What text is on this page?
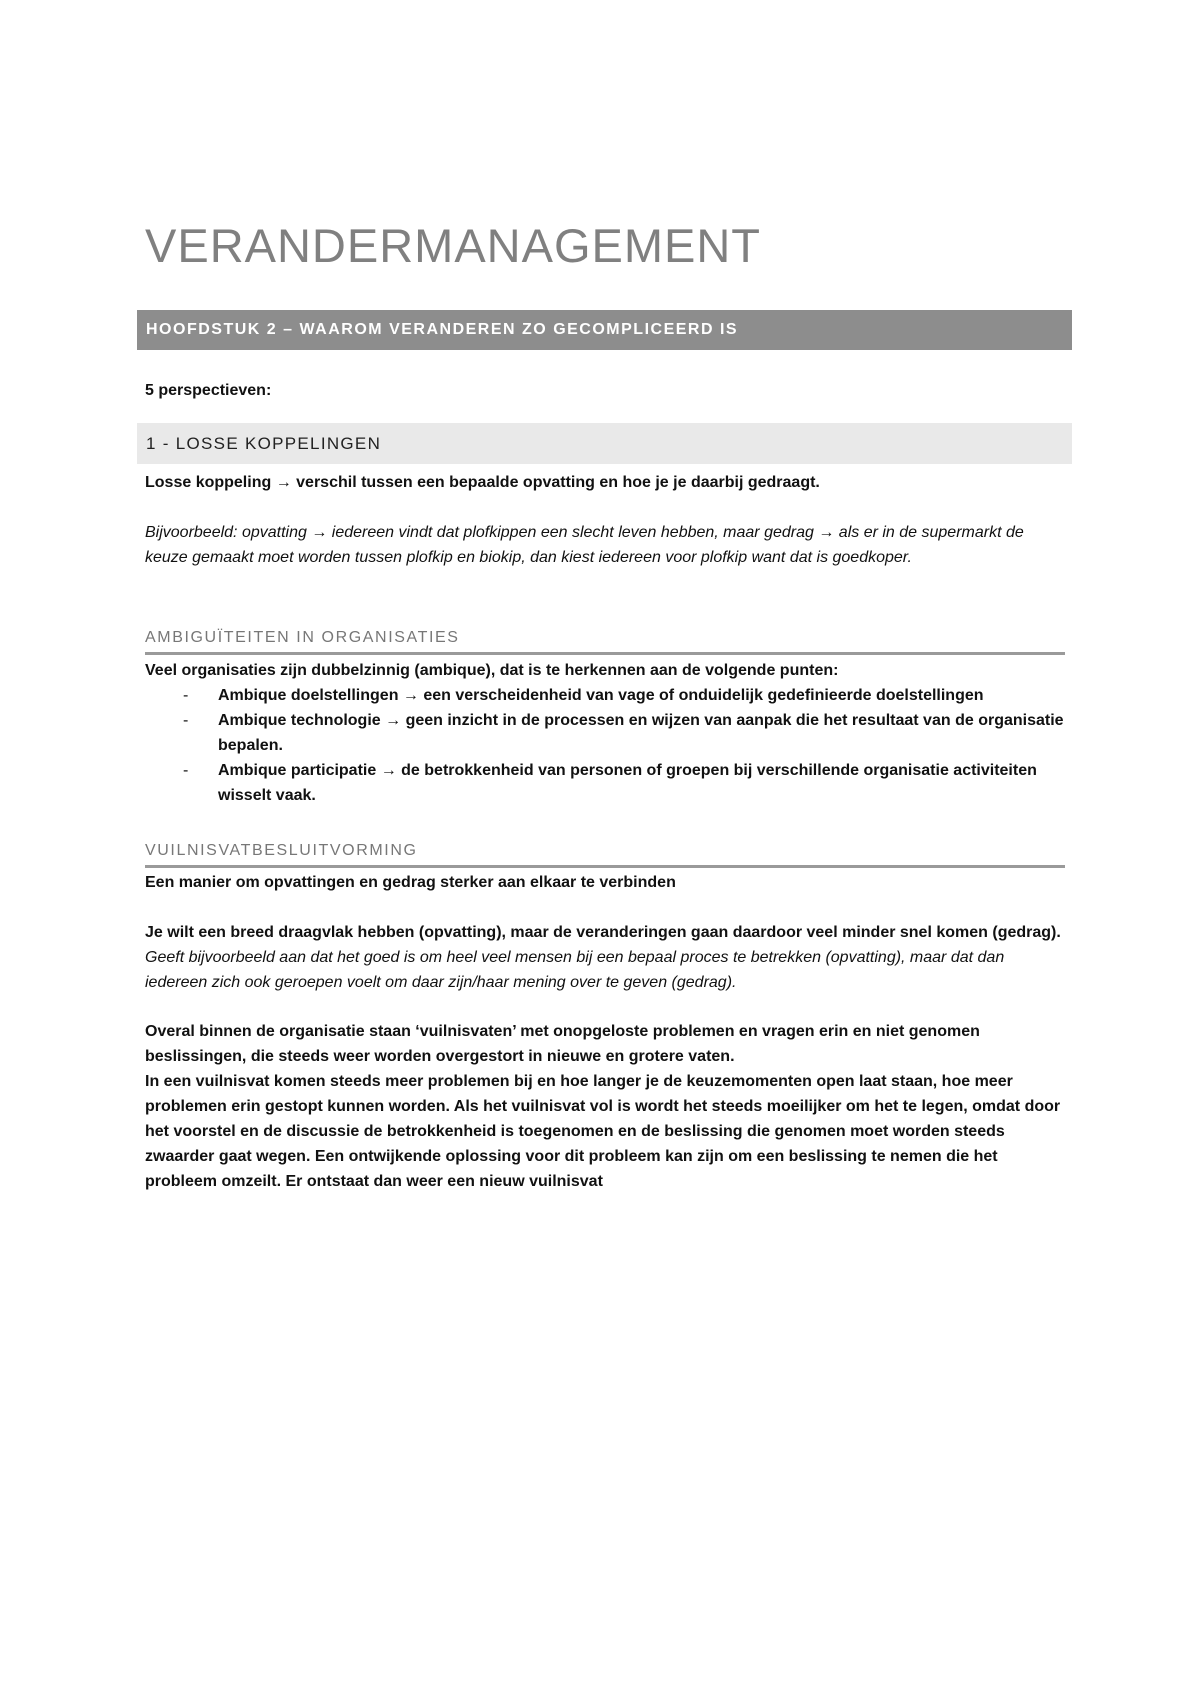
VERANDERMANAGEMENT
HOOFDSTUK 2 – WAAROM VERANDEREN ZO GECOMPLICEERD IS

5 perspectieven:

1 - LOSSE KOPPELINGEN

Losse koppeling → verschil tussen een bepaalde opvatting en hoe je je daarbij gedraagt.

Bijvoorbeeld: opvatting → iedereen vindt dat plofkippen een slecht leven hebben, maar gedrag → als er in de supermarkt de keuze gemaakt moet worden tussen plofkip en biokip, dan kiest iedereen voor plofkip want dat is goedkoper.

AMBIGUÏTEITEN IN ORGANISATIES

Veel organisaties zijn dubbelzinnig (ambique), dat is te herkennen aan de volgende punten:

- Ambique doelstellingen → een verscheidenheid van vage of onduidelijk gedefinieerde doelstellingen
- Ambique technologie → geen inzicht in de processen en wijzen van aanpak die het resultaat van de organisatie bepalen.
- Ambique participatie → de betrokkenheid van personen of groepen bij verschillende organisatie activiteiten wisselt vaak.
VUILNISVATBESLUITVORMING

Een manier om opvattingen en gedrag sterker aan elkaar te verbinden

Je wilt een breed draagvlak hebben (opvatting), maar de veranderingen gaan daardoor veel minder snel komen (gedrag). Geeft bijvoorbeeld aan dat het goed is om heel veel mensen bij een bepaal proces te betrekken (opvatting), maar dat dan iedereen zich ook geroepen voelt om daar zijn/haar mening over te geven (gedrag).

Overal binnen de organisatie staan ‘vuilnisvaten’ met onopgeloste problemen en vragen erin en niet genomen beslissingen, die steeds weer worden overgestort in nieuwe en grotere vaten.

In een vuilnisvat komen steeds meer problemen bij en hoe langer je de keuzemomenten open laat staan, hoe meer problemen erin gestopt kunnen worden. Als het vuilnisvat vol is wordt het steeds moeilijker om het te legen, omdat door het voorstel en de discussie de betrokkenheid is toegenomen en de beslissing die genomen moet worden steeds zwaarder gaat wegen. Een ontwijkende oplossing voor dit probleem kan zijn om een beslissing te nemen die het probleem omzeilt. Er ontstaat dan weer een nieuw vuilnisvat
